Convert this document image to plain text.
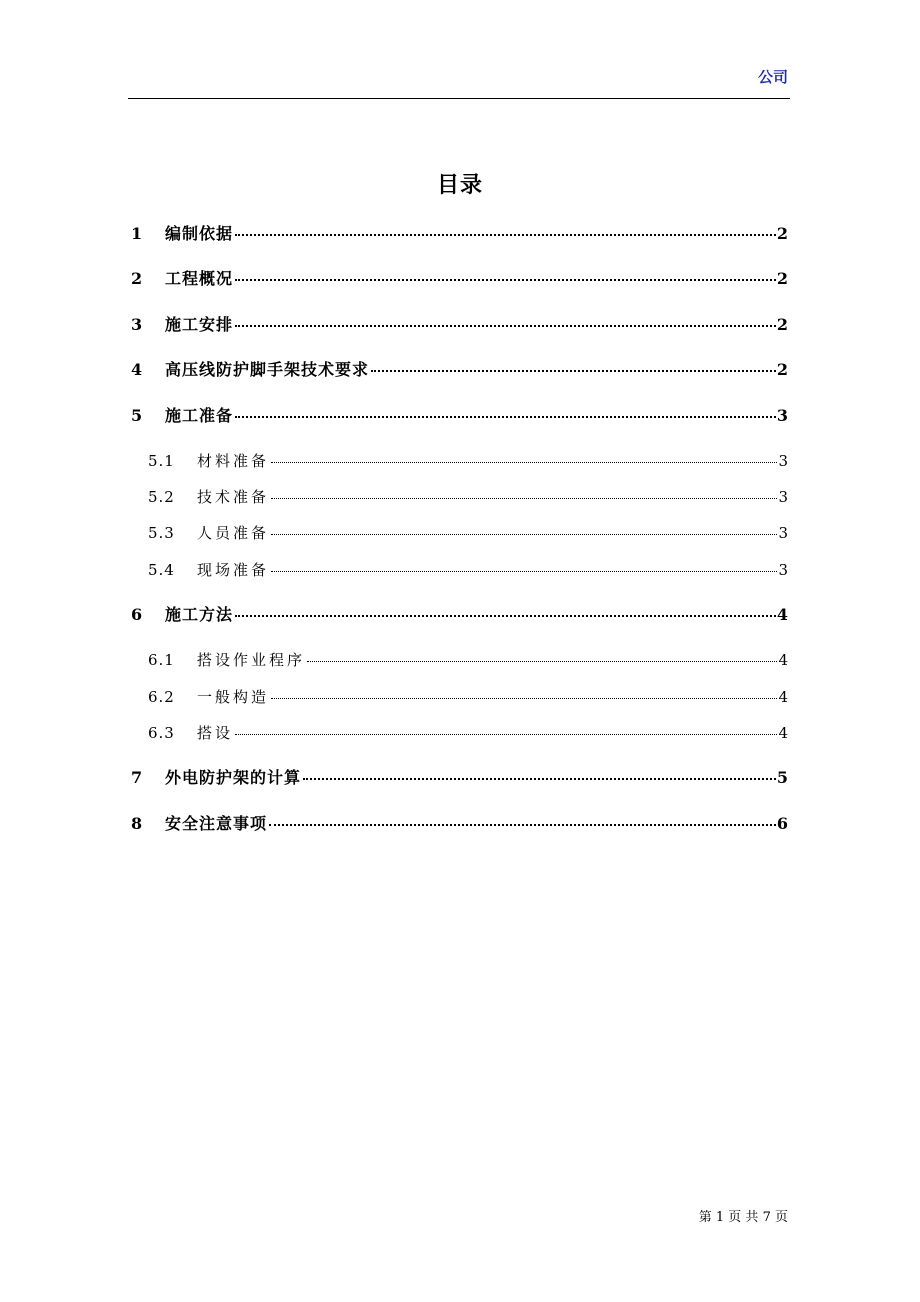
公司
目录
1	编制依据	2
2	工程概况	2
3	施工安排	2
4	高压线防护脚手架技术要求	2
5	施工准备	3
5.1	材料准备	3
5.2	技术准备	3
5.3	人员准备	3
5.4	现场准备	3
6	施工方法	4
6.1	搭设作业程序	4
6.2	一般构造	4
6.3	搭设	4
7	外电防护架的计算	5
8	安全注意事项	6
第 1 页 共 7 页
